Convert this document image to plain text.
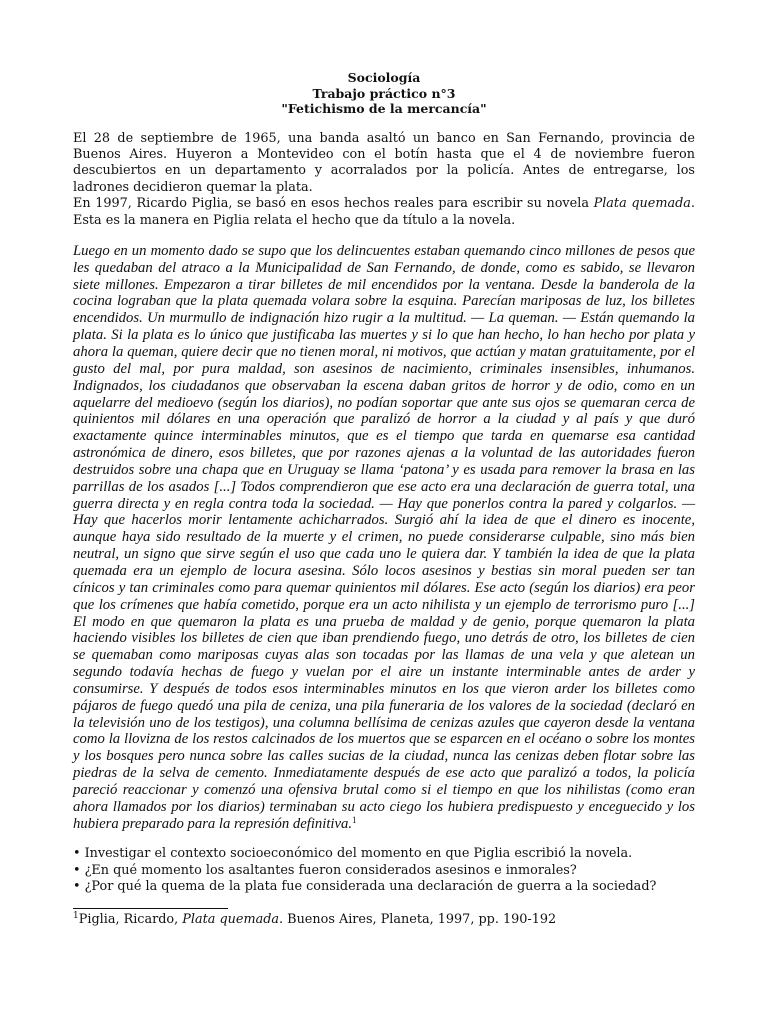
Sociología
Trabajo práctico n°3
"Fetichismo de la mercancía"

El 28 de septiembre de 1965, una banda asaltó un banco en San Fernando, provincia de Buenos Aires. Huyeron a Montevideo con el botín hasta que el 4 de noviembre fueron descubiertos en un departamento y acorralados por la policía. Antes de entregarse, los ladrones decidieron quemar la plata.

En 1997, Ricardo Piglia, se basó en esos hechos reales para escribir su novela Plata quemada. Esta es la manera en Piglia relata el hecho que da título a la novela.

Luego en un momento dado se supo que los delincuentes estaban quemando cinco millones de pesos que les quedaban del atraco a la Municipalidad de San Fernando, de donde, como es sabido, se llevaron siete millones. Empezaron a tirar billetes de mil encendidos por la ventana. Desde la banderola de la cocina lograban que la plata quemada volara sobre la esquina. Parecían mariposas de luz, los billetes encendidos. Un murmullo de indignación hizo rugir a la multitud. — La queman. — Están quemando la plata. Si la plata es lo único que justificaba las muertes y si lo que han hecho, lo han hecho por plata y ahora la queman, quiere decir que no tienen moral, ni motivos, que actúan y matan gratuitamente, por el gusto del mal, por pura maldad, son asesinos de nacimiento, criminales insensibles, inhumanos. Indignados, los ciudadanos que observaban la escena daban gritos de horror y de odio, como en un aquelarre del medioevo (según los diarios), no podían soportar que ante sus ojos se quemaran cerca de quinientos mil dólares en una operación que paralizó de horror a la ciudad y al país y que duró exactamente quince interminables minutos, que es el tiempo que tarda en quemarse esa cantidad astronómica de dinero, esos billetes, que por razones ajenas a la voluntad de las autoridades fueron destruidos sobre una chapa que en Uruguay se llama ‘patona’ y es usada para remover la brasa en las parrillas de los asados [...] Todos comprendieron que ese acto era una declaración de guerra total, una guerra directa y en regla contra toda la sociedad. — Hay que ponerlos contra la pared y colgarlos. — Hay que hacerlos morir lentamente achicharrados. Surgió ahí la idea de que el dinero es inocente, aunque haya sido resultado de la muerte y el crimen, no puede considerarse culpable, sino más bien neutral, un signo que sirve según el uso que cada uno le quiera dar. Y también la idea de que la plata quemada era un ejemplo de locura asesina. Sólo locos asesinos y bestias sin moral pueden ser tan cínicos y tan criminales como para quemar quinientos mil dólares. Ese acto (según los diarios) era peor que los crímenes que había cometido, porque era un acto nihilista y un ejemplo de terrorismo puro [...] El modo en que quemaron la plata es una prueba de maldad y de genio, porque quemaron la plata haciendo visibles los billetes de cien que iban prendiendo fuego, uno detrás de otro, los billetes de cien se quemaban como mariposas cuyas alas son tocadas por las llamas de una vela y que aletean un segundo todavía hechas de fuego y vuelan por el aire un instante interminable antes de arder y consumirse. Y después de todos esos interminables minutos en los que vieron arder los billetes como pájaros de fuego quedó una pila de ceniza, una pila funeraria de los valores de la sociedad (declaró en la televisión uno de los testigos), una columna bellísima de cenizas azules que cayeron desde la ventana como la llovizna de los restos calcinados de los muertos que se esparcen en el océano o sobre los montes y los bosques pero nunca sobre las calles sucias de la ciudad, nunca las cenizas deben flotar sobre las piedras de la selva de cemento. Inmediatamente después de ese acto que paralizó a todos, la policía pareció reaccionar y comenzó una ofensiva brutal como si el tiempo en que los nihilistas (como eran ahora llamados por los diarios) terminaban su acto ciego los hubiera predispuesto y enceguecido y los hubiera preparado para la represión definitiva.$^1$
• Investigar el contexto socioeconómico del momento en que Piglia escribió la novela.
• ¿En qué momento los asaltantes fueron considerados asesinos e inmorales?
• ¿Por qué la quema de la plata fue considerada una declaración de guerra a la sociedad?
$^1$Piglia, Ricardo, Plata quemada. Buenos Aires, Planeta, 1997, pp. 190-192
